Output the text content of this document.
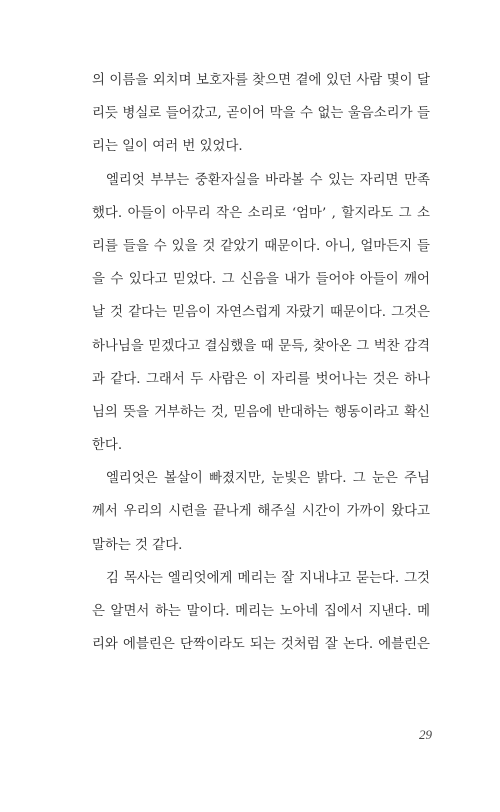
의 이름을 외치며 보호자를 찾으면 곁에 있던 사람 몇이 달
리듯 병실로 들어갔고, 곧이어 막을 수 없는 울음소리가 들
리는 일이 여러 번 있었다.
엘리엇 부부는 중환자실을 바라볼 수 있는 자리면 만족
했다. 아들이 아무리 작은 소리로 ‘엄마’ , 할지라도 그 소
리를 들을 수 있을 것 같았기 때문이다. 아니, 얼마든지 들
을 수 있다고 믿었다. 그 신음을 내가 들어야 아들이 깨어
날 것 같다는 믿음이 자연스럽게 자랐기 때문이다. 그것은
하나님을 믿겠다고 결심했을 때 문득, 찾아온 그 벅찬 감격
과 같다. 그래서 두 사람은 이 자리를 벗어나는 것은 하나
님의 뜻을 거부하는 것, 믿음에 반대하는 행동이라고 확신
한다.
엘리엇은 볼살이 빠졌지만, 눈빛은 밝다. 그 눈은 주님
께서 우리의 시련을 끝나게 해주실 시간이 가까이 왔다고
말하는 것 같다.
김 목사는 엘리엇에게 메리는 잘 지내냐고 묻는다. 그것
은 알면서 하는 말이다. 메리는 노아네 집에서 지낸다. 메
리와 에블린은 단짝이라도 되는 것처럼 잘 논다. 에블린은
29
